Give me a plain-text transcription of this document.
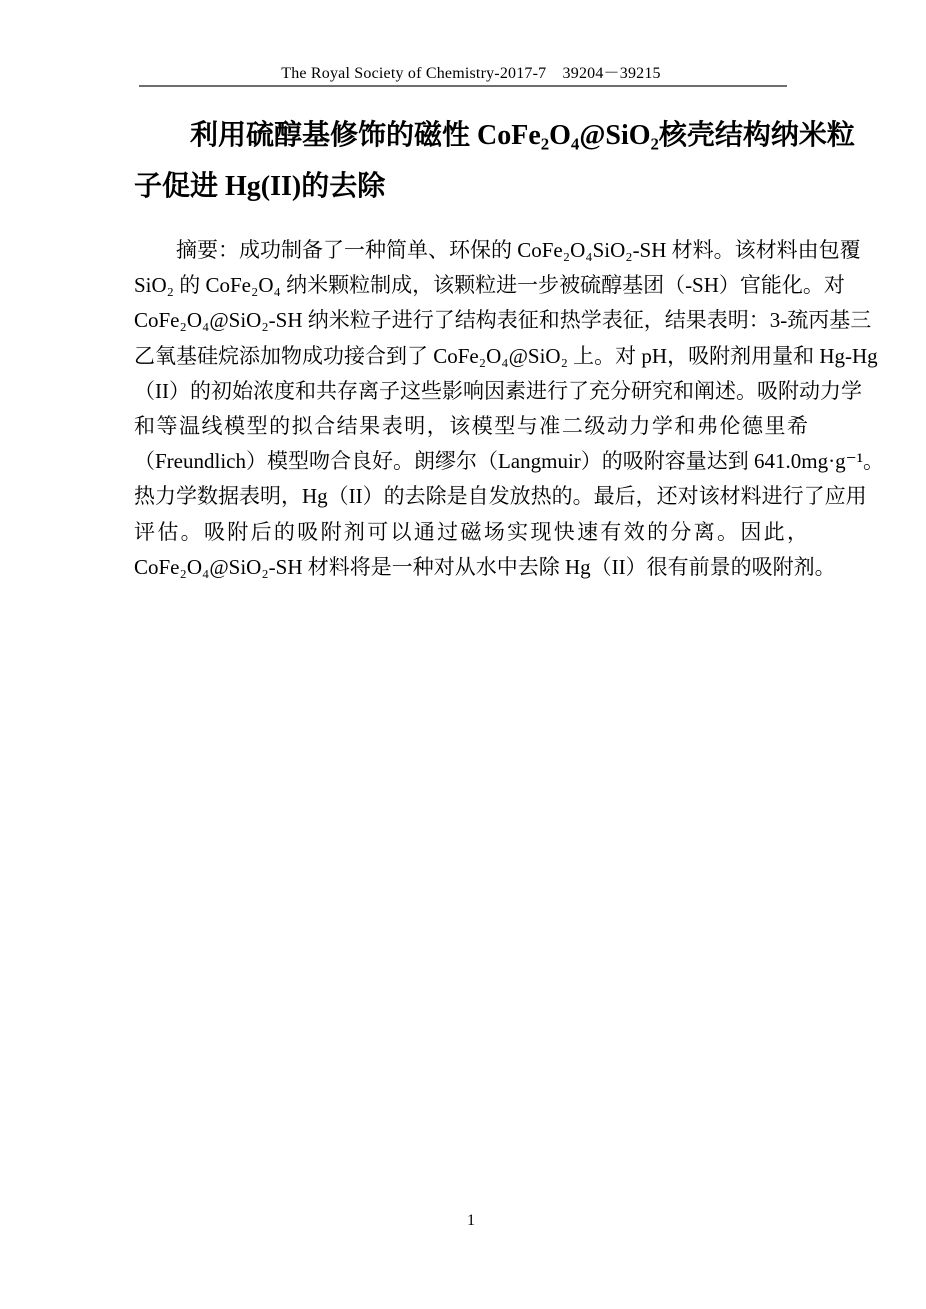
The Royal Society of Chemistry-2017-7　39204－39215
利用硫醇基修饰的磁性 CoFe₂O₄@SiO₂核壳结构纳米粒
子促进 Hg(II)的去除
摘要：成功制备了一种简单、环保的 CoFe₂O₄SiO₂-SH 材料。该材料由包覆
SiO₂ 的 CoFe₂O₄ 纳米颗粒制成，该颗粒进一步被硫醇基团（-SH）官能化。对
CoFe₂O₄@SiO₂-SH 纳米粒子进行了结构表征和热学表征，结果表明：3-巯丙基三
乙氧基硅烷添加物成功接合到了 CoFe₂O₄@SiO₂ 上。对 pH，吸附剂用量和 Hg-Hg
（II）的初始浓度和共存离子这些影响因素进行了充分研究和阐述。吸附动力学
和等温线模型的拟合结果表明，该模型与准二级动力学和弗伦德里希
（Freundlich）模型吻合良好。朗缪尔（Langmuir）的吸附容量达到 641.0mg·g⁻¹。
热力学数据表明，Hg（II）的去除是自发放热的。最后，还对该材料进行了应用
评估。吸附后的吸附剂可以通过磁场实现快速有效的分离。因此，
CoFe₂O₄@SiO₂-SH 材料将是一种对从水中去除 Hg（II）很有前景的吸附剂。
1
